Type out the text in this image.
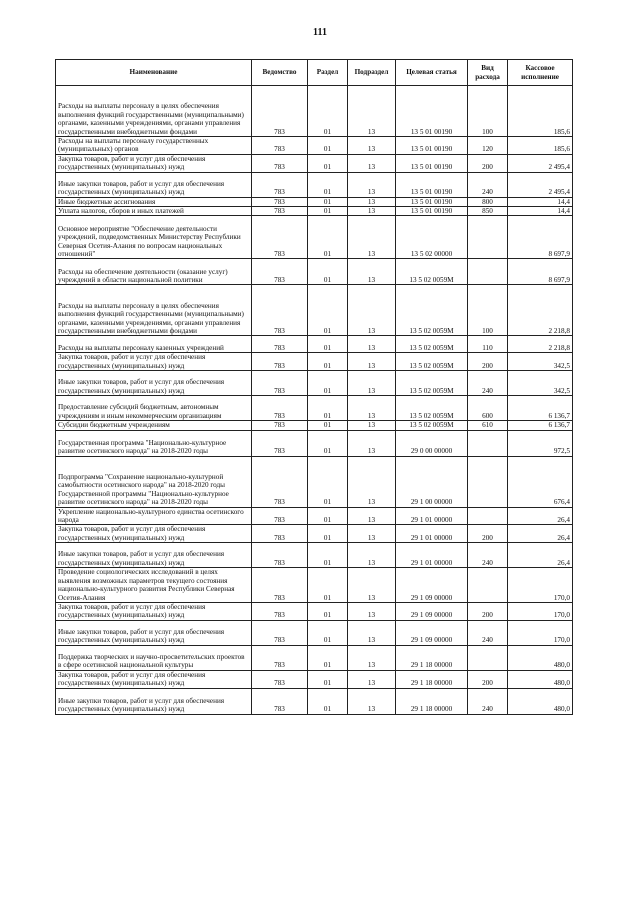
111
Наименование	Ведомство	Раздел	Подраздел	Целевая статья	Вид расхода	Кассовое исполнение
Расходы на выплаты персоналу в целях обеспечения выполнения функций государственными (муниципальными) органами, казенными учреждениями, органами управления государственными внебюджетными фондами	783	01	13	13 5 01 00190	100	185,6
Расходы на выплаты персоналу государственных (муниципальных) органов	783	01	13	13 5 01 00190	120	185,6
Закупка товаров, работ и услуг для обеспечения государственных (муниципальных) нужд	783	01	13	13 5 01 00190	200	2 495,4
Иные закупки товаров, работ и услуг для обеспечения государственных (муниципальных) нужд	783	01	13	13 5 01 00190	240	2 495,4
Иные бюджетные ассигнования	783	01	13	13 5 01 00190	800	14,4
Уплата налогов, сборов и иных платежей	783	01	13	13 5 01 00190	850	14,4
Основное мероприятие "Обеспечение деятельности учреждений, подведомственных Министерству Республики Северная Осетия-Алания по вопросам национальных отношений"	783	01	13	13 5 02 00000		8 697,9
Расходы на обеспечение деятельности (оказание услуг) учреждений в области национальной политики	783	01	13	13 5 02 0059М		8 697,9
Расходы на выплаты персоналу в целях обеспечения выполнения функций государственными (муниципальными) органами, казенными учреждениями, органами управления государственными внебюджетными фондами	783	01	13	13 5 02 0059М	100	2 218,8
Расходы на выплаты персоналу казенных учреждений	783	01	13	13 5 02 0059М	110	2 218,8
Закупка товаров, работ и услуг для обеспечения государственных (муниципальных) нужд	783	01	13	13 5 02 0059М	200	342,5
Иные закупки товаров, работ и услуг для обеспечения государственных (муниципальных) нужд	783	01	13	13 5 02 0059М	240	342,5
Предоставление субсидий бюджетным, автономным учреждениям и иным некоммерческим организациям	783	01	13	13 5 02 0059М	600	6 136,7
Субсидии бюджетным учреждениям	783	01	13	13 5 02 0059М	610	6 136,7
Государственная программа "Национально-культурное развитие осетинского народа" на 2018-2020 годы	783	01	13	29 0 00 00000		972,5
Подпрограмма "Сохранение национально-культурной самобытности осетинского народа" на 2018-2020 годы Государственной программы "Национально-культурное развитие осетинского народа" на 2018-2020 годы	783	01	13	29 1 00 00000		676,4
Укрепление национально-культурного единства осетинского народа	783	01	13	29 1 01 00000		26,4
Закупка товаров, работ и услуг для обеспечения государственных (муниципальных) нужд	783	01	13	29 1 01 00000	200	26,4
Иные закупки товаров, работ и услуг для обеспечения государственных (муниципальных) нужд	783	01	13	29 1 01 00000	240	26,4
Проведение социологических исследований в целях выявления возможных параметров текущего состояния национально-культурного развития Республики Северная Осетия-Алания	783	01	13	29 1 09 00000		170,0
Закупка товаров, работ и услуг для обеспечения государственных (муниципальных) нужд	783	01	13	29 1 09 00000	200	170,0
Иные закупки товаров, работ и услуг для обеспечения государственных (муниципальных) нужд	783	01	13	29 1 09 00000	240	170,0
Поддержка творческих и научно-просветительских проектов в сфере осетинской национальной культуры	783	01	13	29 1 18 00000		480,0
Закупка товаров, работ и услуг для обеспечения государственных (муниципальных) нужд	783	01	13	29 1 18 00000	200	480,0
Иные закупки товаров, работ и услуг для обеспечения государственных (муниципальных) нужд	783	01	13	29 1 18 00000	240	480,0
